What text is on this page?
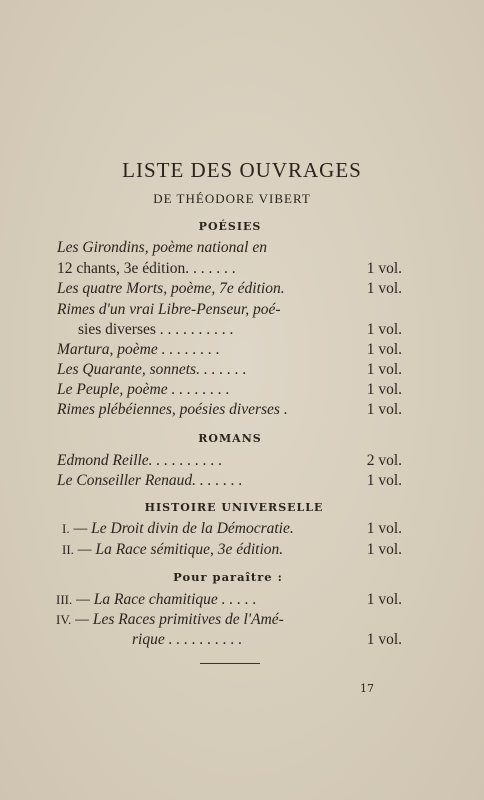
LISTE DES OUVRAGES
DE THÉODORE VIBERT
POÉSIES
Les Girondins, poème national en
12 chants, 3e édition. . . . . . .	1 vol.
Les quatre Morts, poème, 7e édition.	1 vol.
Rimes d'un vrai Libre-Penseur, poé-
sies diverses . . . . . . . . . .	1 vol.
Martura, poème . . . . . . . .	1 vol.
Les Quarante, sonnets. . . . . . .	1 vol.
Le Peuple, poème . . . . . . . .	1 vol.
Rimes plébéiennes, poésies diverses .	1 vol.
ROMANS
Edmond Reille. . . . . . . . . .	2 vol.
Le Conseiller Renaud. . . . . . .	1 vol.
HISTOIRE UNIVERSELLE
I. — Le Droit divin de la Démocratie.	1 vol.
II. — La Race sémitique, 3e édition.	1 vol.
Pour paraître :
III. — La Race chamitique . . . . .	1 vol.
IV. — Les Races primitives de l'Amé-
rique . . . . . . . . . .	1 vol.
17
